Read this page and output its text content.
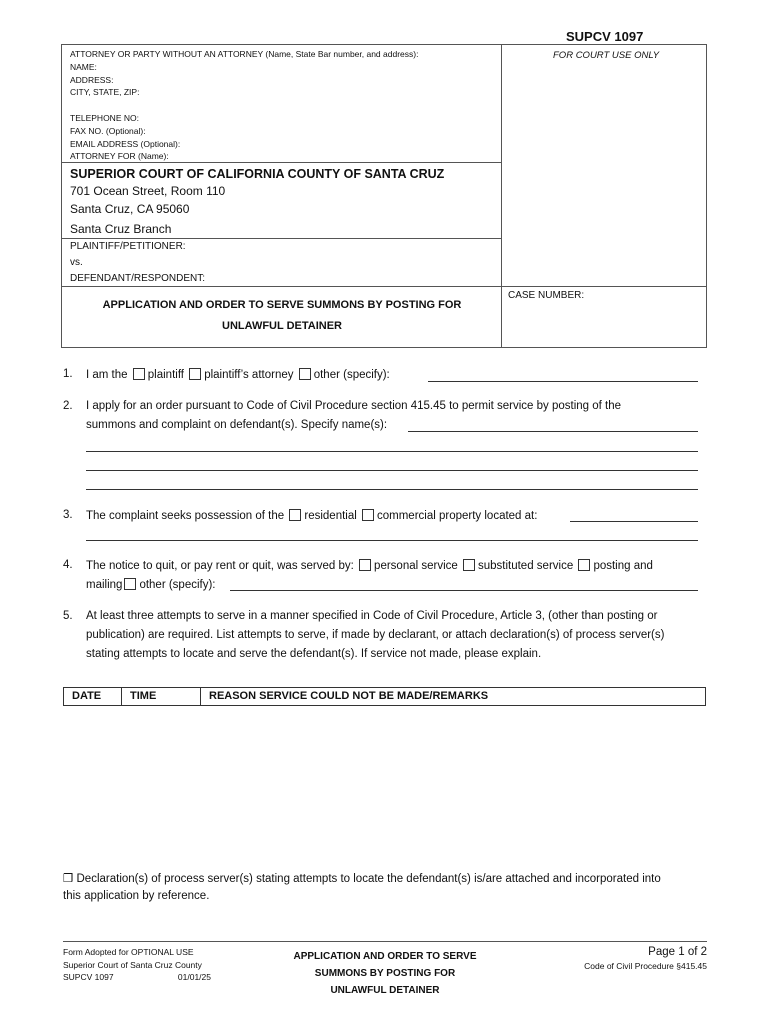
SUPCV 1097
ATTORNEY OR PARTY WITHOUT AN ATTORNEY (Name, State Bar number, and address):
NAME:
ADDRESS:
CITY, STATE, ZIP:
TELEPHONE NO:
FAX NO. (Optional):
EMAIL ADDRESS (Optional):
ATTORNEY FOR (Name):
FOR COURT USE ONLY
SUPERIOR COURT OF CALIFORNIA COUNTY OF SANTA CRUZ
701 Ocean Street, Room 110
Santa Cruz, CA 95060
Santa Cruz Branch
PLAINTIFF/PETITIONER:
vs.
DEFENDANT/RESPONDENT:
APPLICATION AND ORDER TO SERVE SUMMONS BY POSTING FOR
UNLAWFUL DETAINER
CASE NUMBER:
1. I am the plaintiff plaintiff’s attorney other (specify):
2. I apply for an order pursuant to Code of Civil Procedure section 415.45 to permit service by posting of the
summons and complaint on defendant(s). Specify name(s):
3. The complaint seeks possession of the residential commercial property located at:
4. The notice to quit, or pay rent or quit, was served by: personal service substituted service posting and
mailing other (specify):
5. At least three attempts to serve in a manner specified in Code of Civil Procedure, Article 3, (other than posting or
publication) are required. List attempts to serve, if made by declarant, or attach declaration(s) of process server(s)
stating attempts to locate and serve the defendant(s). If service not made, please explain.
DATE	TIME	REASON SERVICE COULD NOT BE MADE/REMARKS
❒ Declaration(s) of process server(s) stating attempts to locate the defendant(s) is/are attached and incorporated into
this application by reference.
Form Adopted for OPTIONAL USE
Superior Court of Santa Cruz County
SUPCV 1097	01/01/25
APPLICATION AND ORDER TO SERVE
SUMMONS BY POSTING FOR
UNLAWFUL DETAINER
Page 1 of 2
Code of Civil Procedure §415.45
